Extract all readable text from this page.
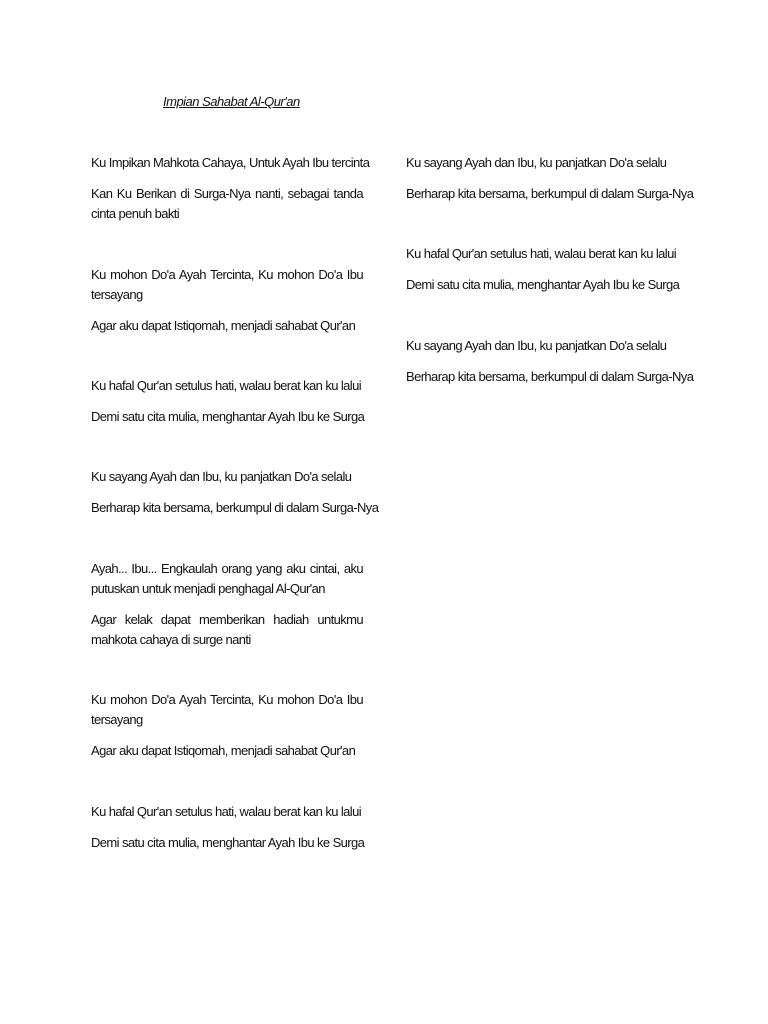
Impian Sahabat Al-Qur'an

Ku Impikan Mahkota Cahaya, Untuk Ayah Ibu tercinta

Kan Ku Berikan di Surga-Nya nanti, sebagai tanda cinta penuh bakti

Ku mohon Do'a Ayah Tercinta, Ku mohon Do'a Ibu tersayang

Agar aku dapat Istiqomah, menjadi sahabat Qur'an

Ku hafal Qur'an setulus hati, walau berat kan ku lalui

Demi satu cita mulia, menghantar Ayah Ibu ke Surga

Ku sayang Ayah dan Ibu, ku panjatkan Do'a selalu

Berharap kita bersama, berkumpul di dalam Surga-Nya

Ayah... Ibu... Engkaulah orang yang aku cintai, aku putuskan untuk menjadi penghagal Al-Qur'an

Agar kelak dapat memberikan hadiah untukmu mahkota cahaya di surge nanti

Ku mohon Do'a Ayah Tercinta, Ku mohon Do'a Ibu tersayang

Agar aku dapat Istiqomah, menjadi sahabat Qur'an

Ku hafal Qur'an setulus hati, walau berat kan ku lalui

Demi satu cita mulia, menghantar Ayah Ibu ke Surga

Ku sayang Ayah dan Ibu, ku panjatkan Do'a selalu

Berharap kita bersama, berkumpul di dalam Surga-Nya

Ku hafal Qur'an setulus hati, walau berat kan ku lalui

Demi satu cita mulia, menghantar Ayah Ibu ke Surga

Ku sayang Ayah dan Ibu, ku panjatkan Do'a selalu

Berharap kita bersama, berkumpul di dalam Surga-Nya
